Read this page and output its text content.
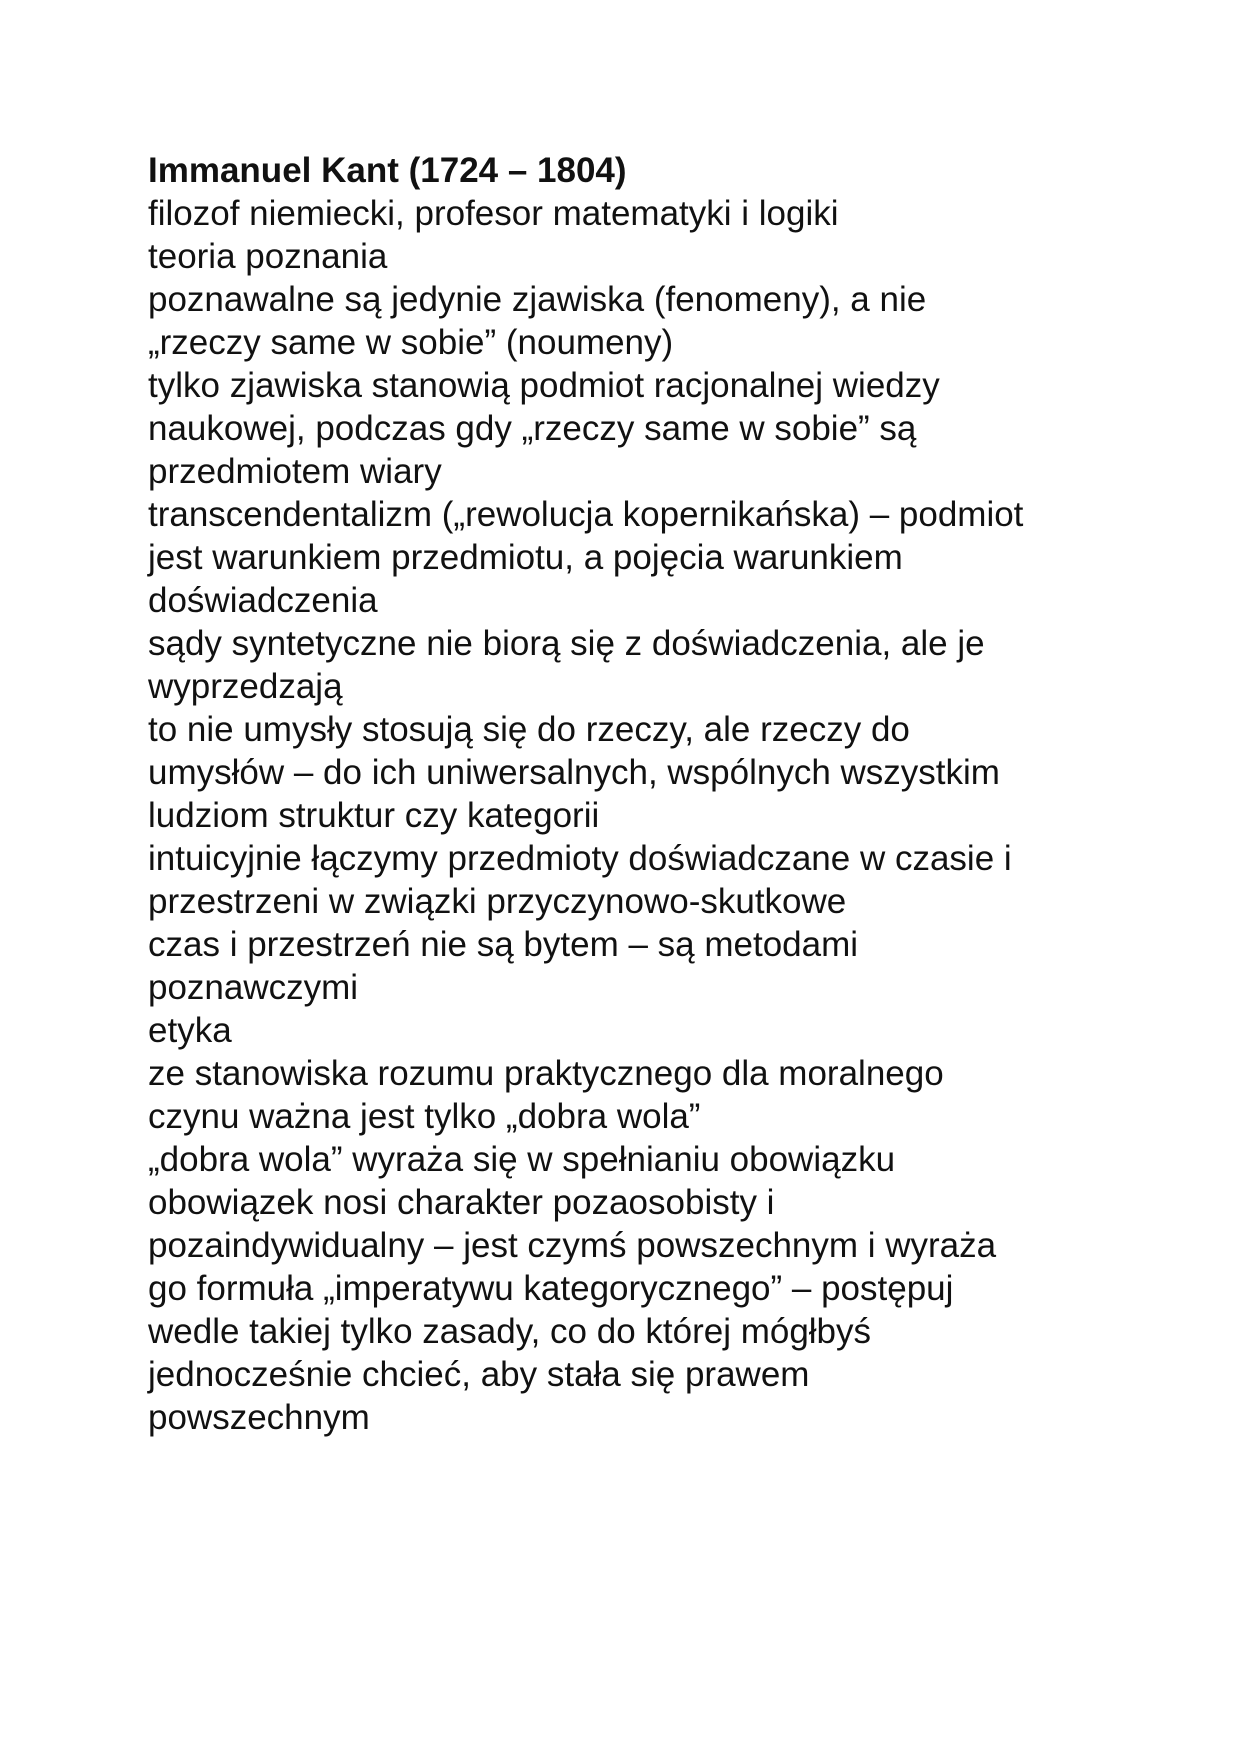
Immanuel Kant (1724 – 1804)

filozof niemiecki, profesor matematyki i logiki

teoria poznania

poznawalne są jedynie zjawiska (fenomeny), a nie

„rzeczy same w sobie” (noumeny)

tylko zjawiska stanowią podmiot racjonalnej wiedzy

naukowej, podczas gdy „rzeczy same w sobie” są

przedmiotem wiary

transcendentalizm („rewolucja kopernikańska) – podmiot

jest warunkiem przedmiotu, a pojęcia warunkiem

doświadczenia

sądy syntetyczne nie biorą się z doświadczenia, ale je

wyprzedzają

to nie umysły stosują się do rzeczy, ale rzeczy do

umysłów – do ich uniwersalnych, wspólnych wszystkim

ludziom struktur czy kategorii

intuicyjnie łączymy przedmioty doświadczane w czasie i

przestrzeni w związki przyczynowo-skutkowe

czas i przestrzeń nie są bytem – są metodami

poznawczymi

etyka

ze stanowiska rozumu praktycznego dla moralnego

czynu ważna jest tylko „dobra wola”

„dobra wola” wyraża się w spełnianiu obowiązku

obowiązek nosi charakter pozaosobisty i

pozaindywidualny – jest czymś powszechnym i wyraża

go formuła „imperatywu kategorycznego” – postępuj

wedle takiej tylko zasady, co do której mógłbyś

jednocześnie chcieć, aby stała się prawem

powszechnym
